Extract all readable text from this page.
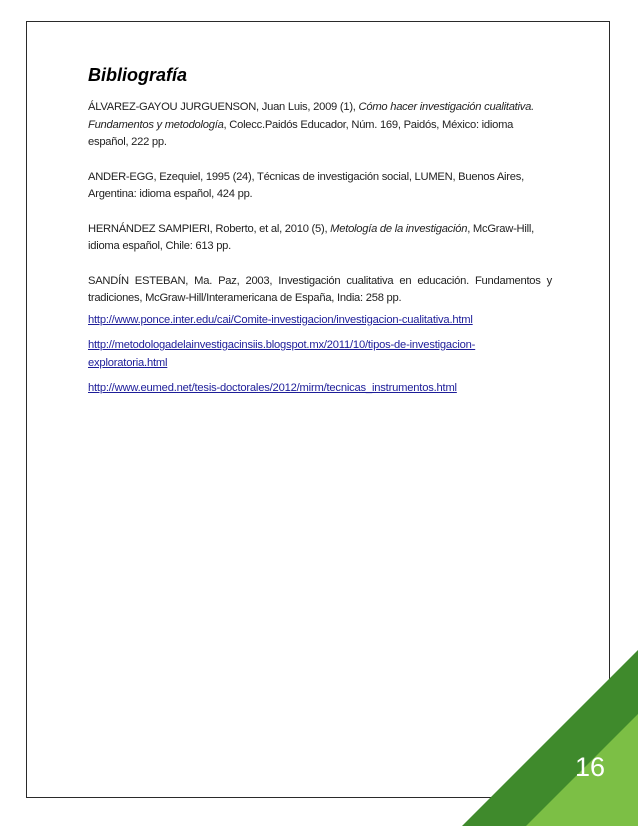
Bibliografía
ÁLVAREZ-GAYOU JURGUENSON, Juan Luis, 2009 (1), Cómo hacer investigación cualitativa. Fundamentos y metodología, Colecc.Paidós Educador, Núm. 169, Paidós, México: idioma español, 222 pp.
ANDER-EGG, Ezequiel, 1995 (24), Técnicas de investigación social, LUMEN, Buenos Aires, Argentina: idioma español, 424 pp.
HERNÁNDEZ SAMPIERI, Roberto, et al, 2010 (5), Metología de la investigación, McGraw-Hill, idioma español, Chile: 613 pp.
SANDÍN ESTEBAN, Ma. Paz, 2003, Investigación cualitativa en educación. Fundamentos y tradiciones, McGraw-Hill/Interamericana de España, India: 258 pp.
http://www.ponce.inter.edu/cai/Comite-investigacion/investigacion-cualitativa.html
http://metodologadelainvestigacinsiis.blogspot.mx/2011/10/tipos-de-investigacion-exploratoria.html
http://www.eumed.net/tesis-doctorales/2012/mirm/tecnicas_instrumentos.html
16
